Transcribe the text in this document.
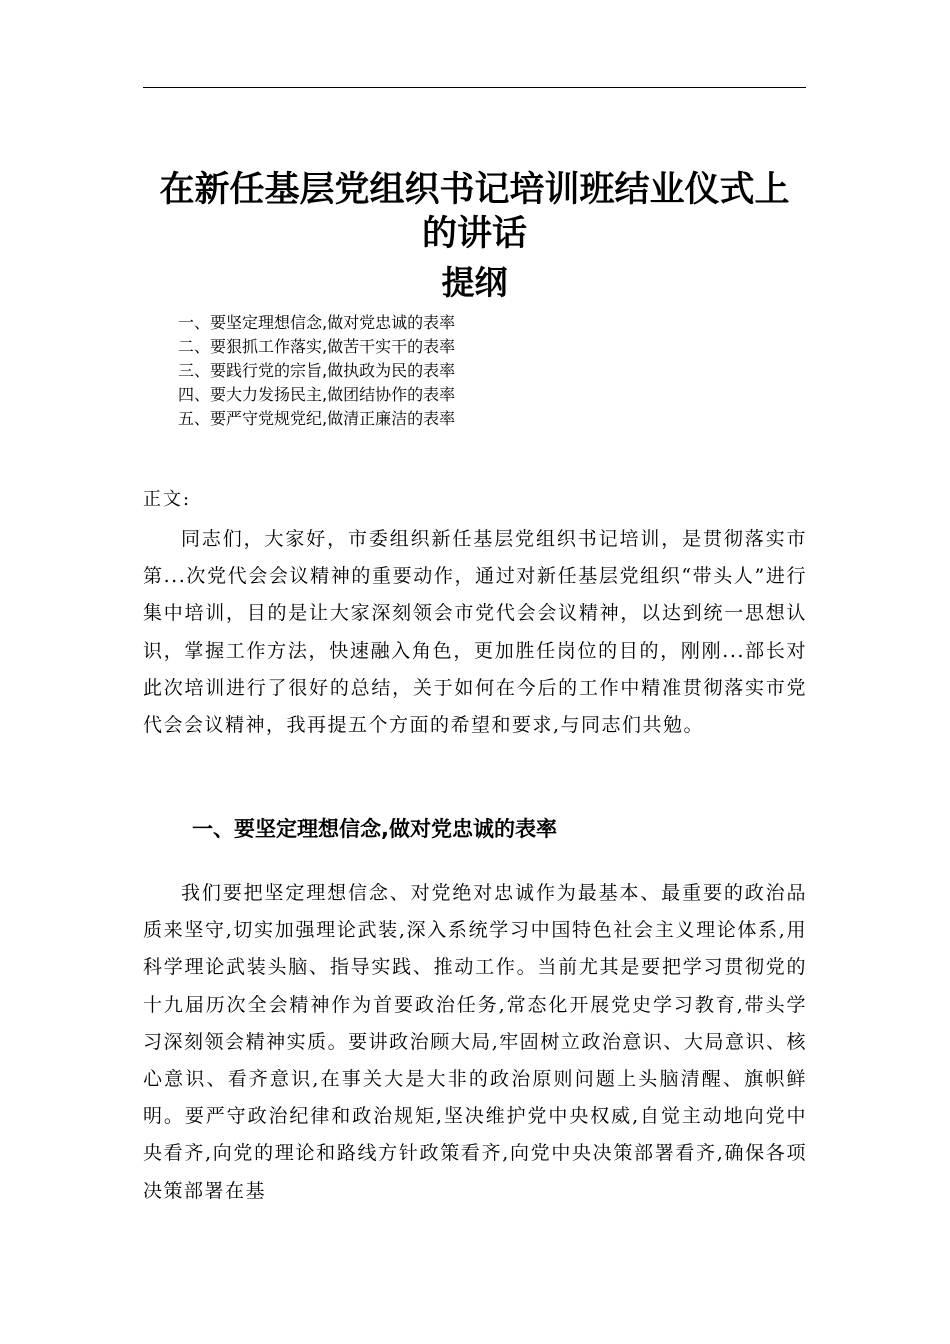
在新任基层党组织书记培训班结业仪式上的讲话
提纲
一、要坚定理想信念,做对党忠诚的表率
二、要狠抓工作落实,做苦干实干的表率
三、要践行党的宗旨,做执政为民的表率
四、要大力发扬民主,做团结协作的表率
五、要严守党规党纪,做清正廉洁的表率
正文:

同志们，大家好，市委组织新任基层党组织书记培训，是贯彻落实市第...次党代会会议精神的重要动作，通过对新任基层党组织“带头人”进行集中培训，目的是让大家深刻领会市党代会会议精神，以达到统一思想认识，掌握工作方法，快速融入角色，更加胜任岗位的目的，刚刚...部长对此次培训进行了很好的总结，关于如何在今后的工作中精准贯彻落实市党代会会议精神，我再提五个方面的希望和要求,与同志们共勉。

一、要坚定理想信念,做对党忠诚的表率

我们要把坚定理想信念、对党绝对忠诚作为最基本、最重要的政治品质来坚守,切实加强理论武装,深入系统学习中国特色社会主义理论体系,用科学理论武装头脑、指导实践、推动工作。当前尤其是要把学习贯彻党的十九届历次全会精神作为首要政治任务,常态化开展党史学习教育,带头学习深刻领会精神实质。要讲政治顾大局,牢固树立政治意识、大局意识、核心意识、看齐意识,在事关大是大非的政治原则问题上头脑清醒、旗帜鲜明。要严守政治纪律和政治规矩,坚决维护党中央权威,自觉主动地向党中央看齐,向党的理论和路线方针政策看齐,向党中央决策部署看齐,确保各项决策部署在基
